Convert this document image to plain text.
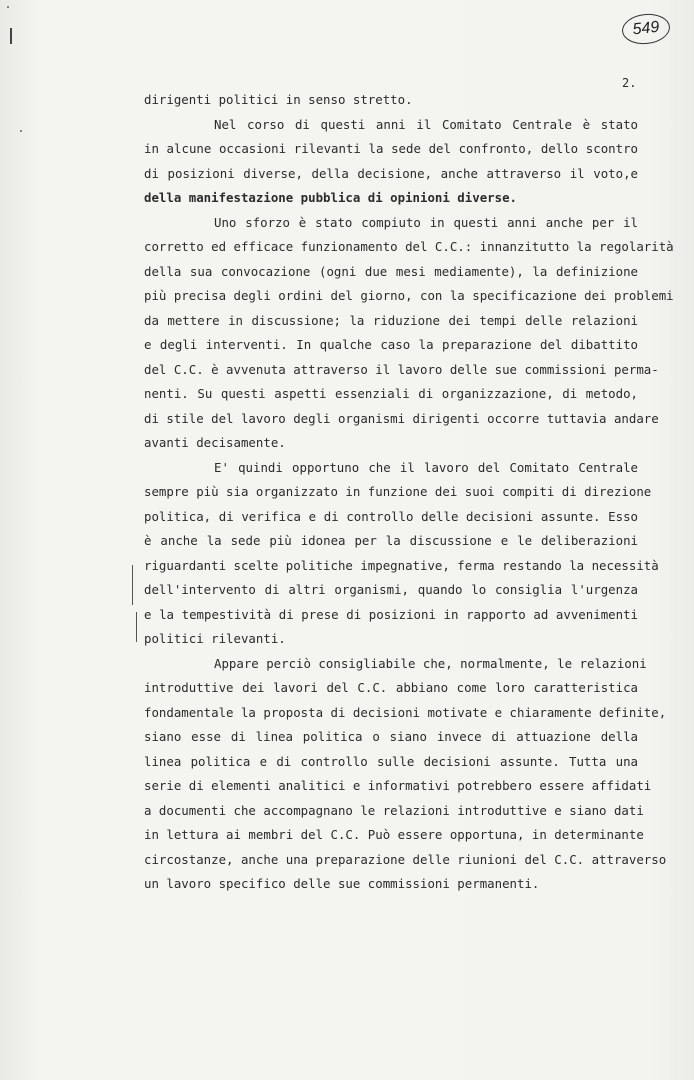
549
2.
dirigenti politici in senso stretto.
Nel corso di questi anni il Comitato Centrale è stato
in alcune occasioni rilevanti la sede del confronto, dello scontro
di posizioni diverse, della decisione, anche attraverso il voto,e
della manifestazione pubblica di opinioni diverse.
Uno sforzo è stato compiuto in questi anni anche per il
corretto ed efficace funzionamento del C.C.: innanzitutto la regolarità
della sua convocazione (ogni due mesi mediamente), la definizione
più precisa degli ordini del giorno, con la specificazione dei problemi
da mettere in discussione; la riduzione dei tempi delle relazioni
e degli interventi. In qualche caso la preparazione del dibattito
del C.C. è avvenuta attraverso il lavoro delle sue commissioni perma-
nenti. Su questi aspetti essenziali di organizzazione, di metodo,
di stile del lavoro degli organismi dirigenti occorre tuttavia andare
avanti decisamente.
E' quindi opportuno che il lavoro del Comitato Centrale
sempre più sia organizzato in funzione dei suoi compiti di direzione
politica, di verifica e di controllo delle decisioni assunte. Esso
è anche la sede più idonea per la discussione e le deliberazioni
riguardanti scelte politiche impegnative, ferma restando la necessità
dell'intervento di altri organismi, quando lo consiglia l'urgenza
e la tempestività di prese di posizioni in rapporto ad avvenimenti
politici rilevanti.
Appare perciò consigliabile che, normalmente, le relazioni
introduttive dei lavori del C.C. abbiano come loro caratteristica
fondamentale la proposta di decisioni motivate e chiaramente definite,
siano esse di linea politica o siano invece di attuazione della
linea politica e di controllo sulle decisioni assunte. Tutta una
serie di elementi analitici e informativi potrebbero essere affidati
a documenti che accompagnano le relazioni introduttive e siano dati
in lettura ai membri del C.C. Può essere opportuna, in determinante
circostanze, anche una preparazione delle riunioni del C.C. attraverso
un lavoro specifico delle sue commissioni permanenti.
